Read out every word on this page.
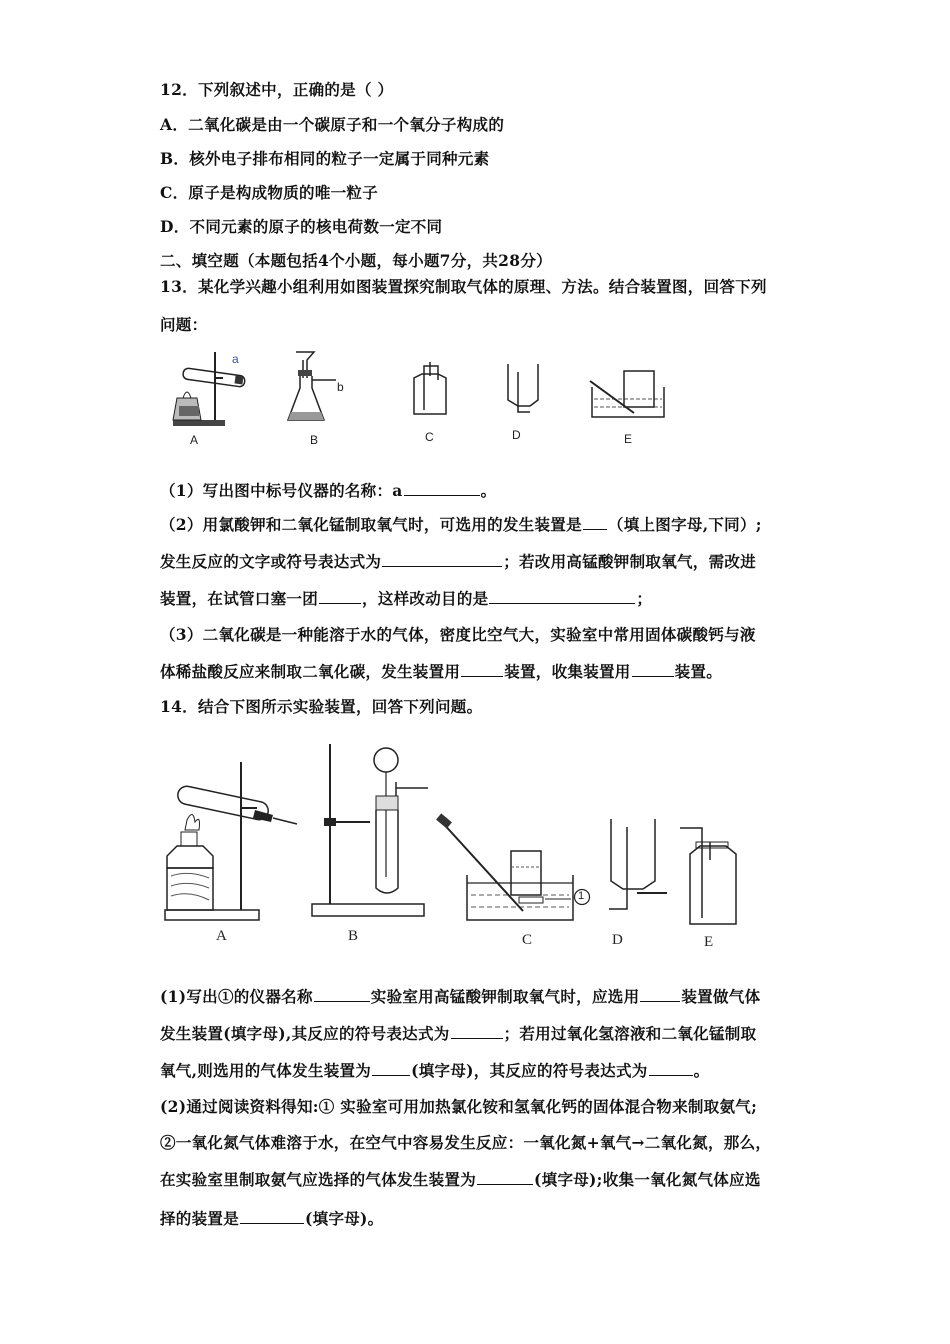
12．下列叙述中，正确的是（ ）
A．二氧化碳是由一个碳原子和一个氧分子构成的
B．核外电子排布相同的粒子一定属于同种元素
C．原子是构成物质的唯一粒子
D．不同元素的原子的核电荷数一定不同
二、填空题（本题包括4个小题，每小题7分，共28分）
13．某化学兴趣小组利用如图装置探究制取气体的原理、方法。结合装置图，回答下列
问题：
a
A
b
B	C	D	E
（1）写出图中标号仪器的名称：a	。
（2）用氯酸钾和二氧化锰制取氧气时，可选用的发生装置是 （填上图字母,下同）;
发生反应的文字或符号表达式为	；若改用高锰酸钾制取氧气，需改进
装置，在试管口塞一团	，这样改动目的是	；
（3）二氧化碳是一种能溶于水的气体，密度比空气大，实验室中常用固体碳酸钙与液
体稀盐酸反应来制取二氧化碳，发生装置用	装置，收集装置用	装置。
14．结合下图所示实验装置，回答下列问题。
A	B
1
C	D	E
(1)写出①的仪器名称	实验室用高锰酸钾制取氧气时，应选用	装置做气体
发生装置(填字母),其反应的符号表达式为	；若用过氧化氢溶液和二氧化锰制取
氧气,则选用的气体发生装置为	(填字母)，其反应的符号表达式为	。
(2)通过阅读资料得知:① 实验室可用加热氯化铵和氢氧化钙的固体混合物来制取氨气;
②一氧化氮气体难溶于水，在空气中容易发生反应：一氧化氮+氧气→二氧化氮，那么，
在实验室里制取氨气应选择的气体发生装置为	(填字母);收集一氧化氮气体应选
择的装置是	(填字母)。
